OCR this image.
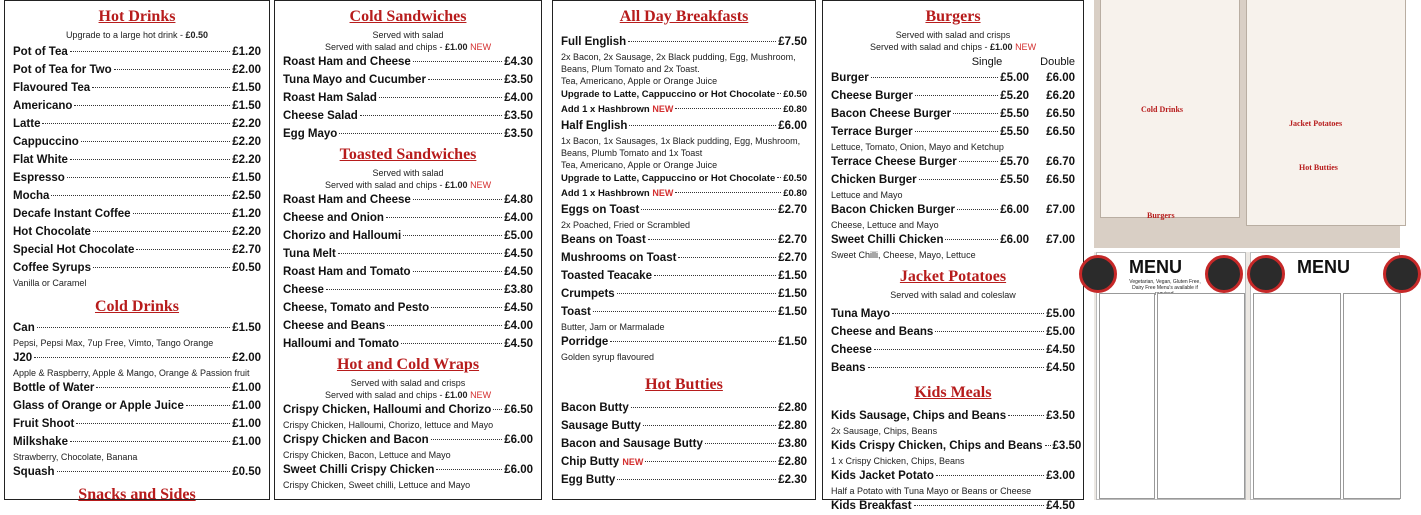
Hot Drinks
Upgrade to a large hot drink - £0.50
Pot of Tea	£1.20
Pot of Tea for Two	£2.00
Flavoured Tea	£1.50
Americano	£1.50
Latte	£2.20
Cappuccino	£2.20
Flat White	£2.20
Espresso	£1.50
Mocha	£2.50
Decafe Instant Coffee	£1.20
Hot Chocolate	£2.20
Special Hot Chocolate	£2.70
Coffee Syrups	£0.50
Vanilla or Caramel
Cold Drinks
Can	£1.50
Pepsi, Pepsi Max, 7up Free, Vimto, Tango Orange
J20	£2.00
Apple & Raspberry, Apple & Mango, Orange & Passion fruit
Bottle of Water	£1.00
Glass of Orange or Apple Juice	£1.00
Fruit Shoot	£1.00
Milkshake	£1.00
Strawberry, Chocolate, Banana
Squash	£0.50
Snacks and Sides
Cold Sandwiches
Served with salad
Served with salad and chips - £1.00 NEW
Roast Ham and Cheese	£4.30
Tuna Mayo and Cucumber	£3.50
Roast Ham Salad	£4.00
Cheese Salad	£3.50
Egg Mayo	£3.50
Toasted Sandwiches
Served with salad
Served with salad and chips - £1.00 NEW
Roast Ham and Cheese	£4.80
Cheese and Onion	£4.00
Chorizo and Halloumi	£5.00
Tuna Melt	£4.50
Roast Ham and Tomato	£4.50
Cheese	£3.80
Cheese, Tomato and Pesto	£4.50
Cheese and Beans	£4.00
Halloumi and Tomato	£4.50
Hot and Cold Wraps
Served with salad and crisps
Served with salad and chips - £1.00 NEW
Crispy Chicken, Halloumi and Chorizo £6.50
Crispy Chicken, Halloumi, Chorizo, lettuce and Mayo
Crispy Chicken and Bacon	£6.00
Crispy Chicken, Bacon, Lettuce and Mayo
Sweet Chilli Crispy Chicken	£6.00
Crispy Chicken, Sweet chilli, Lettuce and Mayo
All Day Breakfasts
Full English	£7.50
2x Bacon, 2x Sausage, 2x Black pudding, Egg, Mushroom,
Beans, Plum Tomato and 2x Toast.
Tea, Americano, Apple or Orange Juice
Upgrade to Latte, Cappuccino or Hot Chocolate £0.50
Add 1 x Hashbrown
NEW	£0.80
Half English	£6.00
1x Bacon, 1x Sausages, 1x Black pudding, Egg, Mushroom,
Beans, Plumb Tomato and 1x Toast
Tea, Americano, Apple or Orange Juice
Upgrade to Latte, Cappuccino or Hot Chocolate £0.50
Add 1 x Hashbrown
NEW	£0.80
Eggs on Toast	£2.70
2x Poached, Fried or Scrambled
Beans on Toast	£2.70
Mushrooms on Toast	£2.70
Toasted Teacake	£1.50
Crumpets	£1.50
Toast	£1.50
Butter, Jam or Marmalade
Porridge	£1.50
Golden syrup flavoured
Hot Butties
Bacon Butty	£2.80
Sausage Butty	£2.80
Bacon and Sausage Butty	£3.80
Chip Butty
NEW	£2.80
Egg Butty	£2.30
Burgers
Served with salad and crisps
Served with salad and chips - £1.00 NEW
Single	Double
Burger	£5.00	£6.00
Cheese Burger	£5.20	£6.20
Bacon Cheese Burger	£5.50	£6.50
Terrace Burger	£5.50	£6.50
Lettuce, Tomato, Onion, Mayo and Ketchup
Terrace Cheese Burger	£5.70	£6.70
Chicken Burger	£5.50	£6.50
Lettuce and Mayo
Bacon Chicken Burger	£6.00	£7.00
Cheese, Lettuce and Mayo
Sweet Chilli Chicken	£6.00	£7.00
Sweet Chilli, Cheese, Mayo, Lettuce
Jacket Potatoes
Served with salad and coleslaw
Tuna Mayo	£5.00
Cheese and Beans	£5.00
Cheese	£4.50
Beans	£4.50
Kids Meals
Kids Sausage, Chips and Beans	£3.50
2x Sausage, Chips, Beans
Kids Crispy Chicken, Chips and Beans £3.50
1 x Crispy Chicken, Chips, Beans
Kids Jacket Potato	£3.00
Half a Potato with Tuna Mayo or Beans or Cheese
Kids Breakfast	£4.50
Cold Drinks
Burgers
Jacket Potatoes
Hot Butties
MENU
Vegetarian, Vegan, Gluten Free, Dairy Free Menu's available if
MENU
